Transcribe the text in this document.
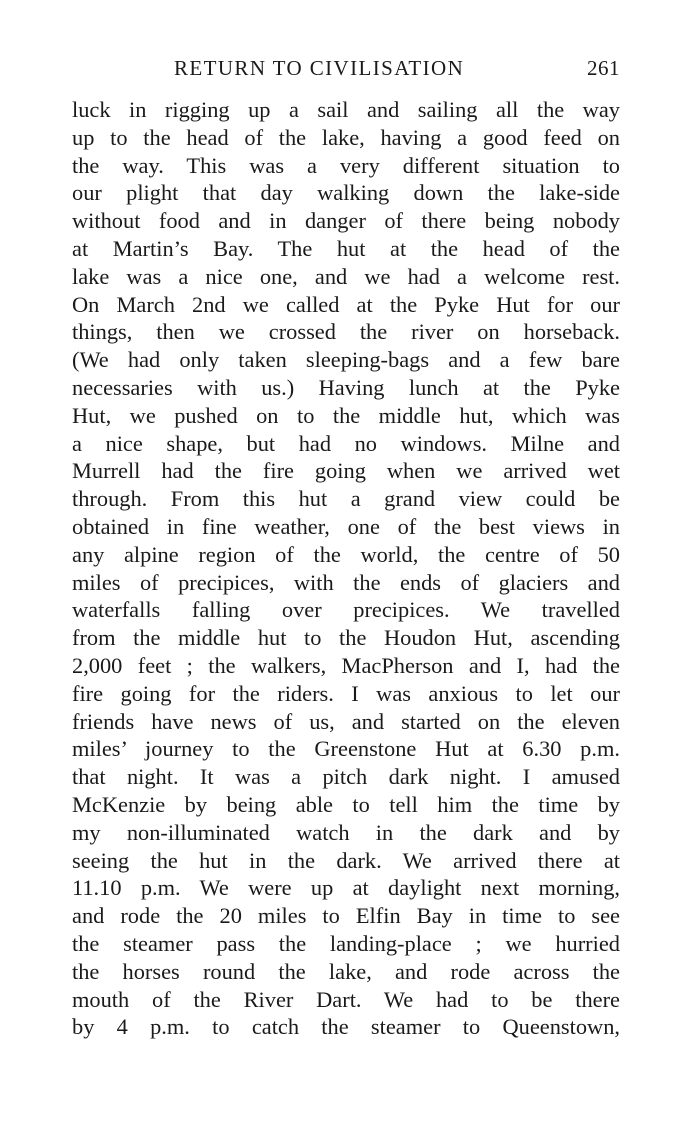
RETURN TO CIVILISATION	261
luck in rigging up a sail and sailing all the way
up to the head of the lake, having a good feed on
the way. This was a very different situation to
our plight that day walking down the lake-side
without food and in danger of there being nobody
at Martin’s Bay. The hut at the head of the
lake was a nice one, and we had a welcome rest.
On March 2nd we called at the Pyke Hut for our
things, then we crossed the river on horseback.
(We had only taken sleeping-bags and a few bare
necessaries with us.) Having lunch at the Pyke
Hut, we pushed on to the middle hut, which was
a nice shape, but had no windows. Milne and
Murrell had the fire going when we arrived wet
through. From this hut a grand view could be
obtained in fine weather, one of the best views in
any alpine region of the world, the centre of 50
miles of precipices, with the ends of glaciers and
waterfalls falling over precipices. We travelled
from the middle hut to the Houdon Hut, ascending
2,000 feet ; the walkers, MacPherson and I, had the
fire going for the riders. I was anxious to let our
friends have news of us, and started on the eleven
miles’ journey to the Greenstone Hut at 6.30 p.m.
that night. It was a pitch dark night. I amused
McKenzie by being able to tell him the time by
my non-illuminated watch in the dark and by
seeing the hut in the dark. We arrived there at
11.10 p.m. We were up at daylight next morning,
and rode the 20 miles to Elfin Bay in time to see
the steamer pass the landing-place ; we hurried
the horses round the lake, and rode across the
mouth of the River Dart. We had to be there
by 4 p.m. to catch the steamer to Queenstown,
